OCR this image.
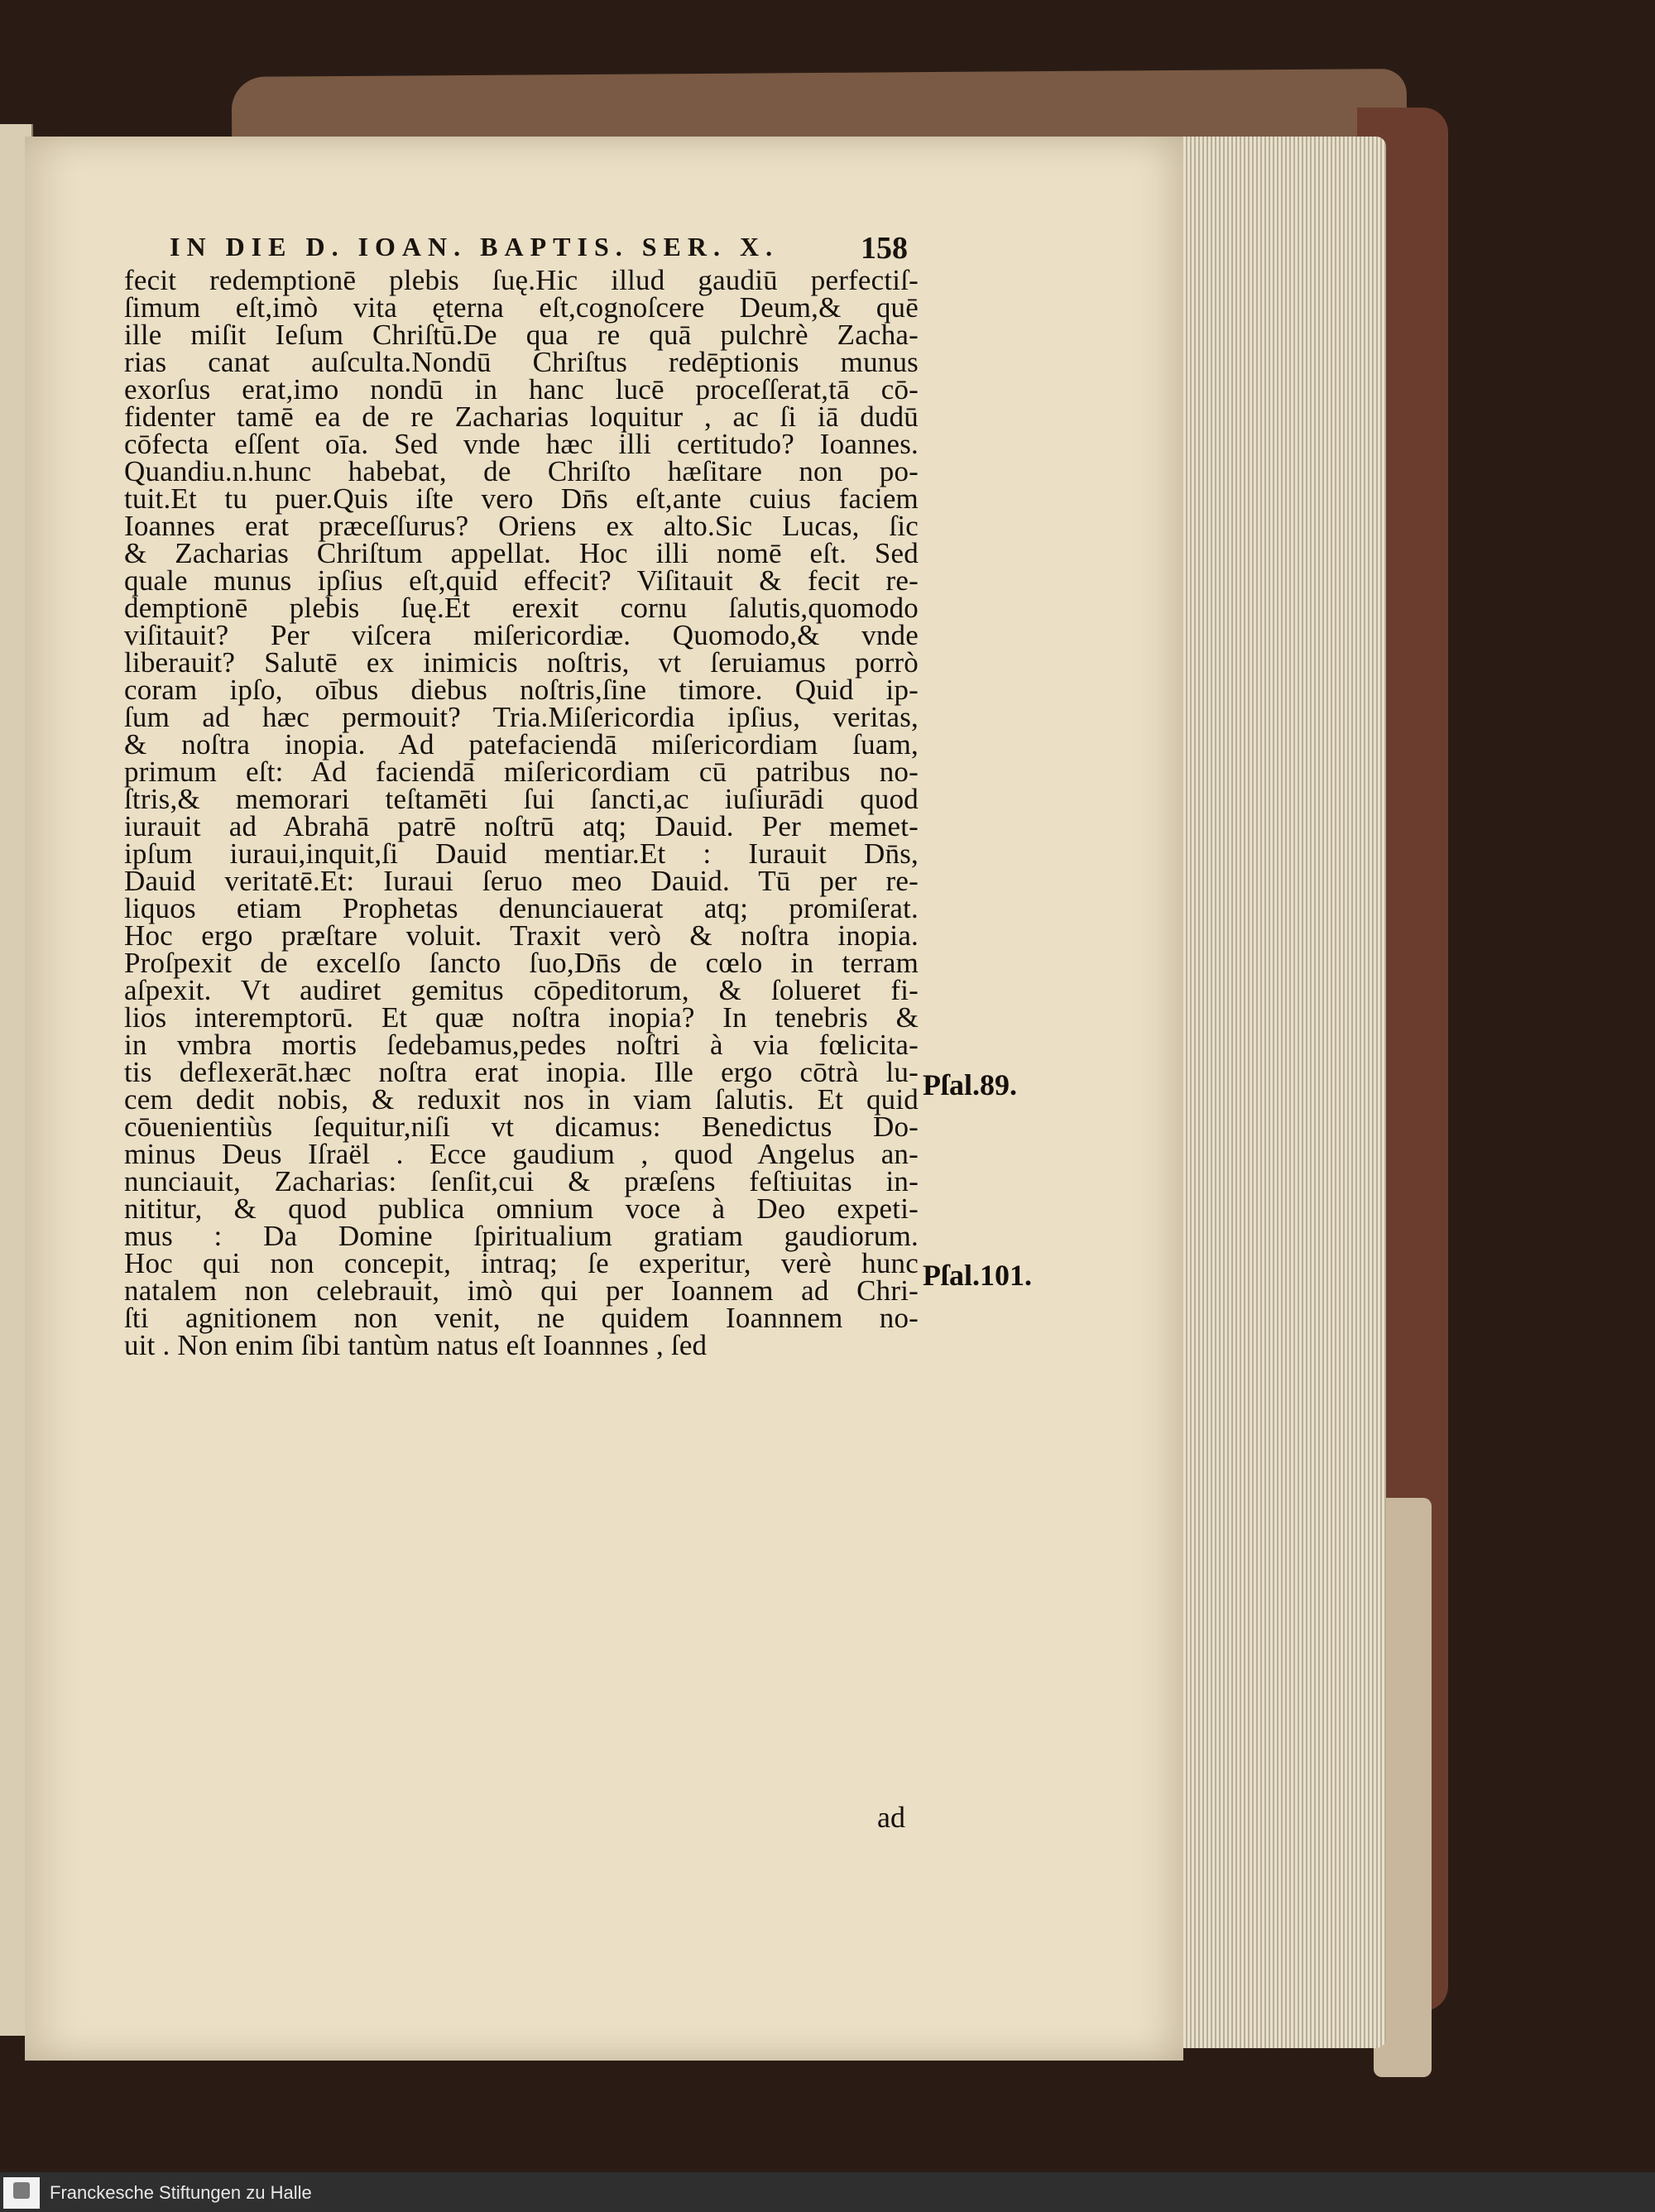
IN DIE D. IOAN. BAPTIS. SER. X.	158
fecit redemptionē plebis ſuę.Hic illud gaudiū perfectiſ-
ſimum eſt,imò vita ęterna eſt,cognoſcere Deum,& quē
ille miſit Ieſum Chriſtū.De qua re quā pulchrè Zacha-
rias canat auſculta.Nondū Chriſtus redēptionis munus
exorſus erat,imo nondū in hanc lucē proceſſerat,tā cō-
fidenter tamē ea de re Zacharias loquitur , ac ſi iā dudū
cōfecta eſſent oīa. Sed vnde hæc illi certitudo? Ioannes.
Quandiu.n.hunc habebat, de Chriſto hæſitare non po-
tuit.Et tu puer.Quis iſte vero Dn̄s eſt,ante cuius faciem
Ioannes erat præceſſurus? Oriens ex alto.Sic Lucas, ſic
& Zacharias Chriſtum appellat. Hoc illi nomē eſt. Sed
quale munus ipſius eſt,quid effecit? Viſitauit & fecit re-
demptionē plebis ſuę.Et erexit cornu ſalutis,quomodo
viſitauit? Per viſcera miſericordiæ. Quomodo,& vnde
liberauit? Salutē ex inimicis noſtris, vt ſeruiamus porrò
coram ipſo, oībus diebus noſtris,ſine timore. Quid ip-
ſum ad hæc permouit? Tria.Miſericordia ipſius, veritas,
& noſtra inopia. Ad patefaciendā miſericordiam ſuam,
primum eſt: Ad faciendā miſericordiam cū patribus no-
ſtris,& memorari teſtamēti ſui ſancti,ac iuſiurādi quod
iurauit ad Abrahā patrē noſtrū atq; Dauid. Per memet-
ipſum iuraui,inquit,ſi Dauid mentiar.Et : Iurauit Dn̄s,
Dauid veritatē.Et: Iuraui ſeruo meo Dauid. Tū per re-
liquos etiam Prophetas denunciauerat atq; promiſerat.
Hoc ergo præſtare voluit. Traxit verò & noſtra inopia.
Proſpexit de excelſo ſancto ſuo,Dn̄s de cœlo in terram
aſpexit. Vt audiret gemitus cōpeditorum, & ſolueret fi-
lios interemptorū. Et quæ noſtra inopia? In tenebris &
in vmbra mortis ſedebamus,pedes noſtri à via fœlicita-
tis deflexerāt.hæc noſtra erat inopia. Ille ergo cōtrà lu-
cem dedit nobis, & reduxit nos in viam ſalutis. Et quid
cōuenientiùs ſequitur,niſi vt dicamus: Benedictus Do-
minus Deus Iſraël . Ecce gaudium , quod Angelus an-
nunciauit, Zacharias: ſenſit,cui & præſens feſtiuitas in-
nititur, & quod publica omnium voce à Deo expeti-
mus : Da Domine ſpiritualium gratiam gaudiorum.
Hoc qui non concepit, intraq; ſe experitur, verè hunc
natalem non celebrauit, imò qui per Ioannem ad Chri-
ſti agnitionem non venit, ne quidem Ioannnem no-
uit . Non enim ſibi tantùm natus eſt Ioannnes , ſed
Pſal.89.
Pſal.101.
ad
Franckesche Stiftungen zu Halle
